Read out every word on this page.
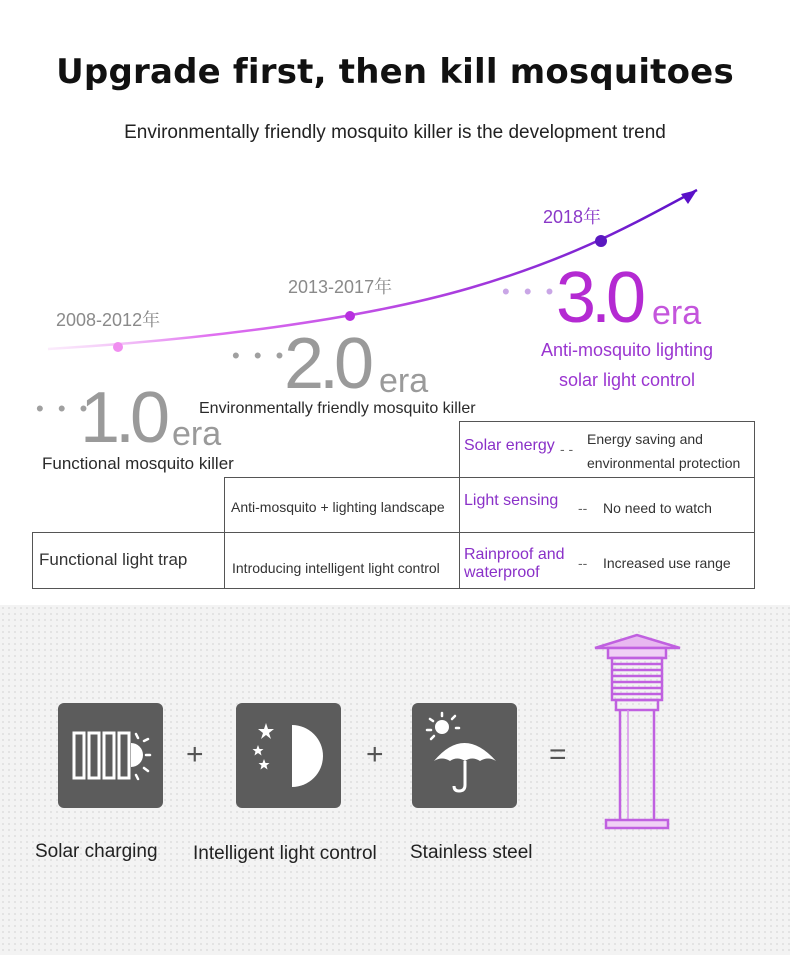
Upgrade first, then kill mosquitoes
Environmentally friendly mosquito killer is the development trend
2008-2012年
2013-2017年
2018年
• • •
3.0 era
Anti-mosquito lighting
solar light control
• • •
2.0 era
Environmentally friendly mosquito killer
• • •
1.0 era
Functional mosquito killer
Functional light trap
Anti-mosquito + lighting landscape
Introducing intelligent light control
Solar energy - -
Energy saving and
environmental protection
Light sensing -- No need to watch
Rainproof and
waterproof
-- Increased use range
+	+	=
Solar charging Intelligent light control Stainless steel
